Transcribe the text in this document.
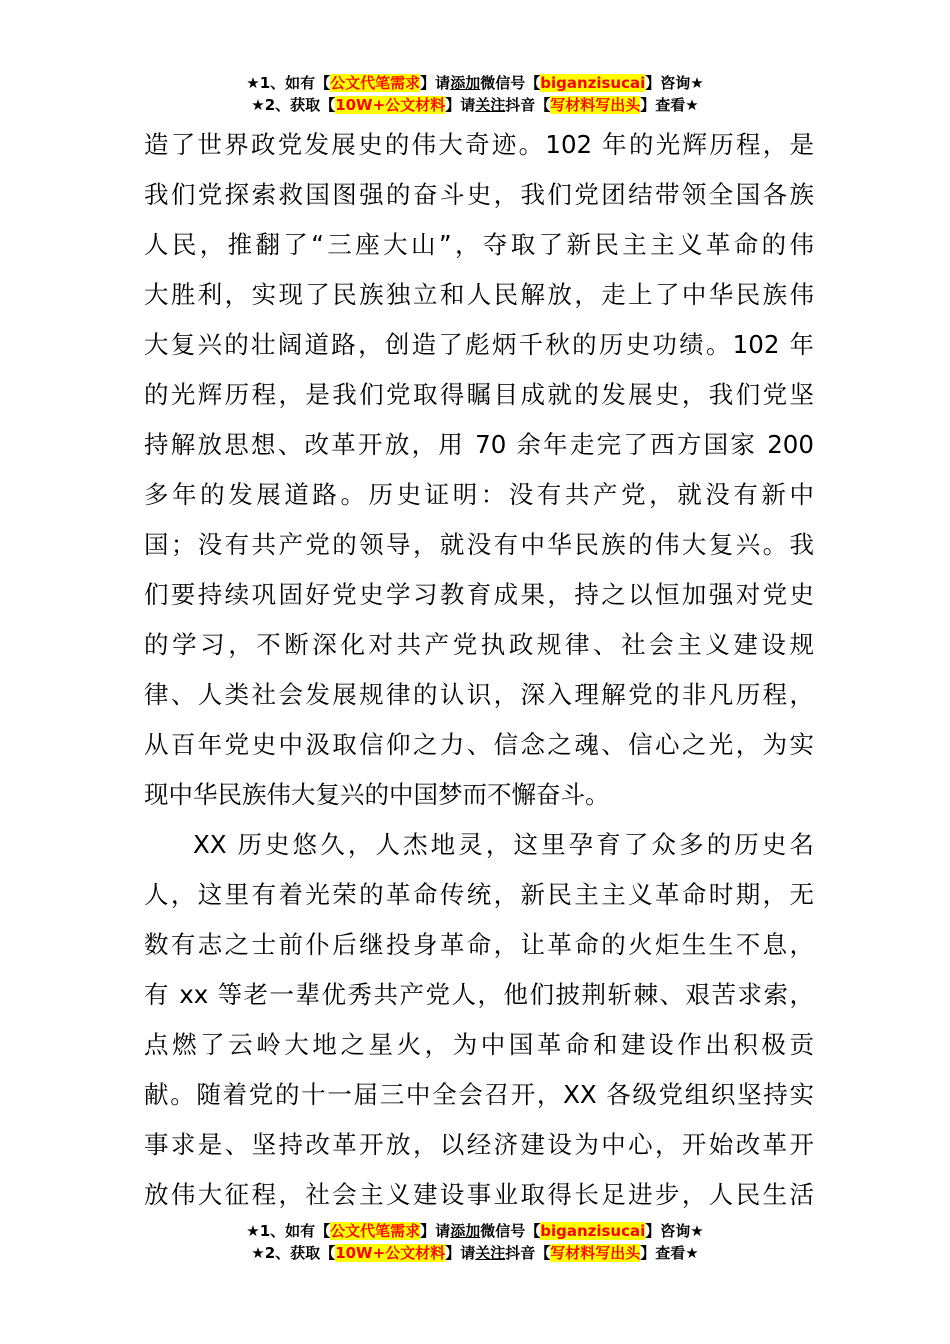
★1、如有【公文代笔需求】请添加微信号【biganzisucai】咨询★
★2、获取【10W+公文材料】请关注抖音【写材料写出头】查看★
造了世界政党发展史的伟大奇迹。102 年的光辉历程，是
我们党探索救国图强的奋斗史，我们党团结带领全国各族
人民，推翻了“三座大山”，夺取了新民主主义革命的伟
大胜利，实现了民族独立和人民解放，走上了中华民族伟
大复兴的壮阔道路，创造了彪炳千秋的历史功绩。102 年
的光辉历程，是我们党取得瞩目成就的发展史，我们党坚
持解放思想、改革开放，用 70 余年走完了西方国家 200
多年的发展道路。历史证明：没有共产党，就没有新中
国；没有共产党的领导，就没有中华民族的伟大复兴。我
们要持续巩固好党史学习教育成果，持之以恒加强对党史
的学习，不断深化对共产党执政规律、社会主义建设规
律、人类社会发展规律的认识，深入理解党的非凡历程，
从百年党史中汲取信仰之力、信念之魂、信心之光，为实
现中华民族伟大复兴的中国梦而不懈奋斗。
XX 历史悠久，人杰地灵，这里孕育了众多的历史名
人，这里有着光荣的革命传统，新民主主义革命时期，无
数有志之士前仆后继投身革命，让革命的火炬生生不息，
有 xx 等老一辈优秀共产党人，他们披荆斩棘、艰苦求索，
点燃了云岭大地之星火，为中国革命和建设作出积极贡
献。随着党的十一届三中全会召开，XX 各级党组织坚持实
事求是、坚持改革开放，以经济建设为中心，开始改革开
放伟大征程，社会主义建设事业取得长足进步，人民生活
★1、如有【公文代笔需求】请添加微信号【biganzisucai】咨询★
★2、获取【10W+公文材料】请关注抖音【写材料写出头】查看★
